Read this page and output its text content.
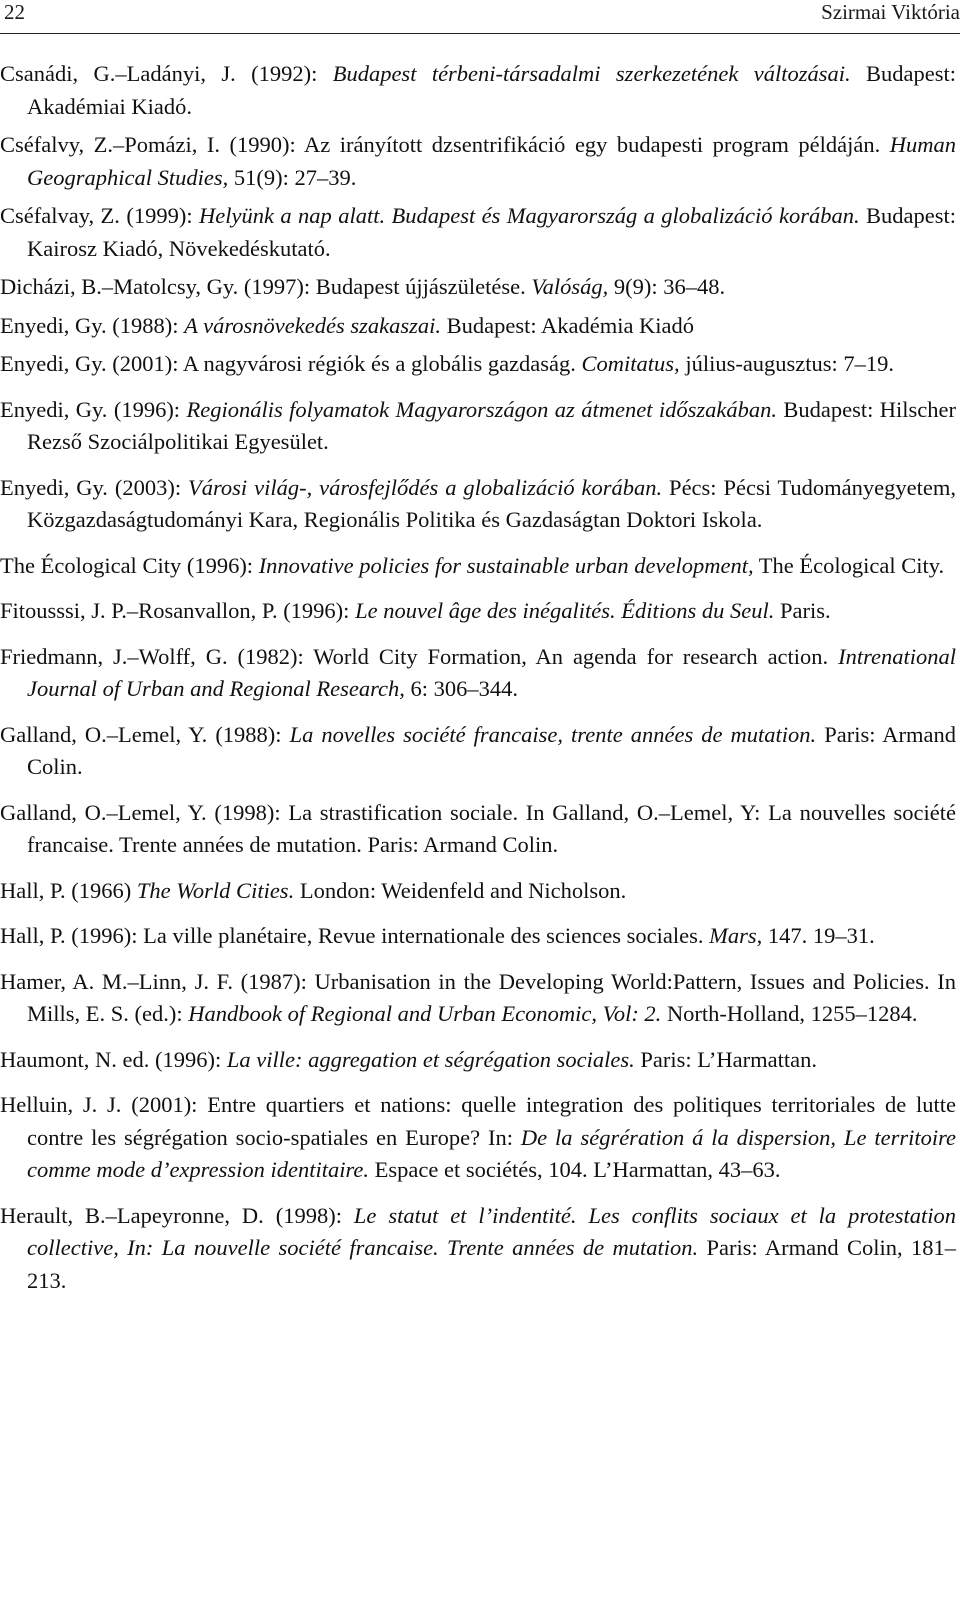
22	Szirmai Viktória
Csanádi, G.–Ladányi, J. (1992): Budapest térbeni-társadalmi szerkezetének változásai. Budapest: Akadémiai Kiadó.
Cséfalvy, Z.–Pomázi, I. (1990): Az irányított dzsentrifikáció egy budapesti program példáján. Human Geographical Studies, 51(9): 27–39.
Cséfalvay, Z. (1999): Helyünk a nap alatt. Budapest és Magyarország a globalizáció korában. Budapest: Kairosz Kiadó, Növekedéskutató.
Dicházi, B.–Matolcsy, Gy. (1997): Budapest újjászületése. Valóság, 9(9): 36–48.
Enyedi, Gy. (1988): A városnövekedés szakaszai. Budapest: Akadémia Kiadó
Enyedi, Gy. (2001): A nagyvárosi régiók és a globális gazdaság. Comitatus, július-augusztus: 7–19.
Enyedi, Gy. (1996): Regionális folyamatok Magyarországon az átmenet időszakában. Budapest: Hilscher Rezső Szociálpolitikai Egyesület.
Enyedi, Gy. (2003): Városi világ-, városfejlődés a globalizáció korában. Pécs: Pécsi Tudományegyetem, Közgazdaságtudományi Kara, Regionális Politika és Gazdaságtan Doktori Iskola.
The Écological City (1996): Innovative policies for sustainable urban development, The Écological City.
Fitousssi, J. P.–Rosanvallon, P. (1996): Le nouvel âge des inégalités. Éditions du Seul. Paris.
Friedmann, J.–Wolff, G. (1982): World City Formation, An agenda for research action. Intrenational Journal of Urban and Regional Research, 6: 306–344.
Galland, O.–Lemel, Y. (1988): La novelles société francaise, trente années de mutation. Paris: Armand Colin.
Galland, O.–Lemel, Y. (1998): La strastification sociale. In Galland, O.–Lemel, Y: La nouvelles société francaise. Trente années de mutation. Paris: Armand Colin.
Hall, P. (1966) The World Cities. London: Weidenfeld and Nicholson.
Hall, P. (1996): La ville planétaire, Revue internationale des sciences sociales. Mars, 147. 19–31.
Hamer, A. M.–Linn, J. F. (1987): Urbanisation in the Developing World:Pattern, Issues and Policies. In Mills, E. S. (ed.): Handbook of Regional and Urban Economic, Vol: 2. North-Holland, 1255–1284.
Haumont, N. ed. (1996): La ville: aggregation et ségrégation sociales. Paris: L’Harmattan.
Helluin, J. J. (2001): Entre quartiers et nations: quelle integration des politiques territoriales de lutte contre les ségrégation socio-spatiales en Europe? In: De la ségrération á la dispersion, Le territoire comme mode d’expression identitaire. Espace et sociétés, 104. L’Harmattan, 43–63.
Herault, B.–Lapeyronne, D. (1998): Le statut et l’indentité. Les conflits sociaux et la protestation collective, In: La nouvelle société francaise. Trente années de mutation. Paris: Armand Colin, 181–213.
